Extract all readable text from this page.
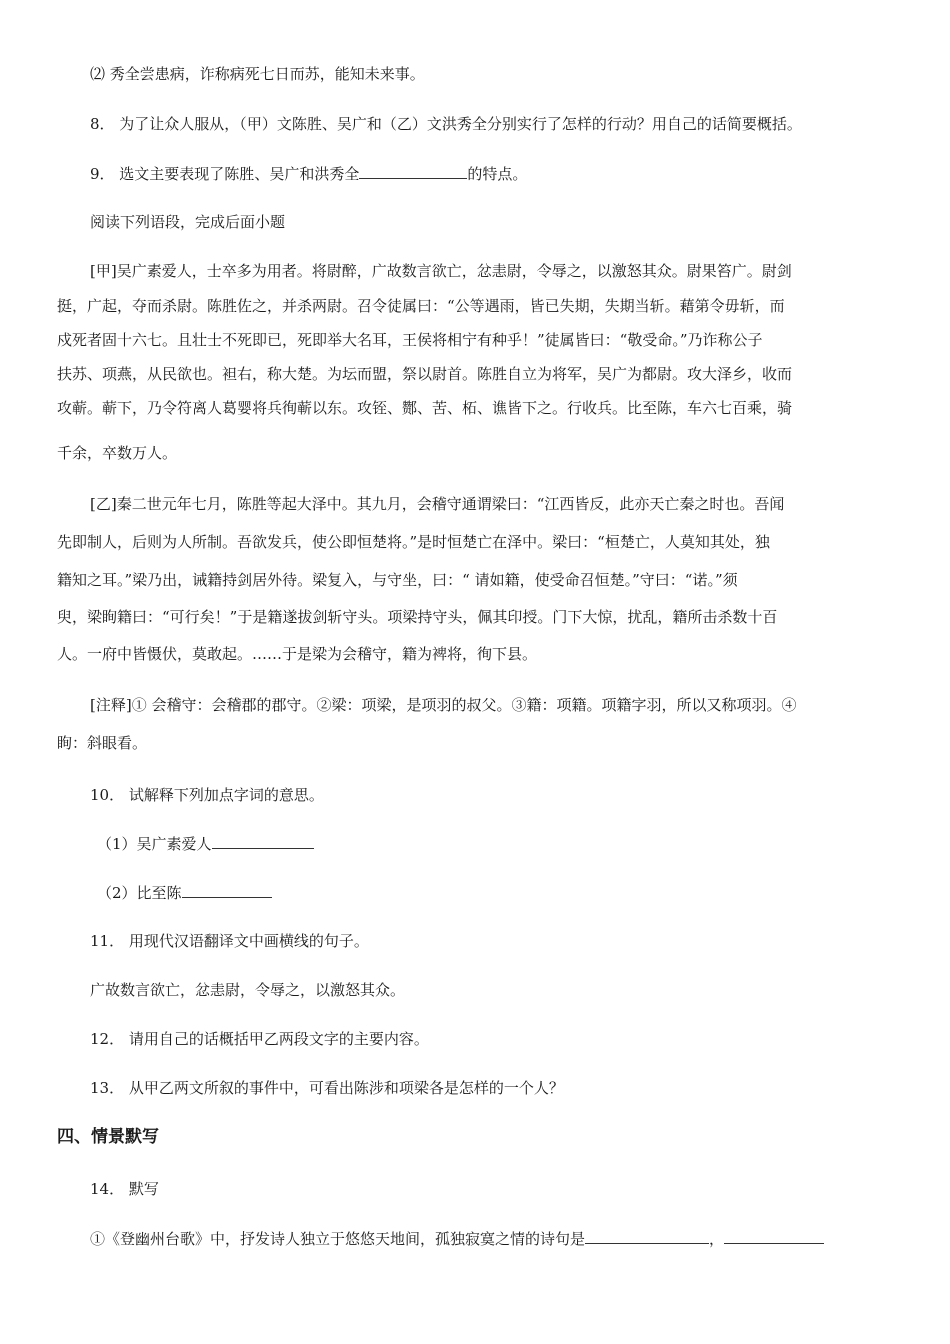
⑵ 秀全尝患病，诈称病死七日而苏，能知未来事。
8． 为了让众人服从，（甲）文陈胜、吴广和（乙）文洪秀全分别实行了怎样的行动？用自己的话简要概括。
9． 选文主要表现了陈胜、吴广和洪秀全	的特点。
阅读下列语段，完成后面小题
[甲]吴广素爱人，士卒多为用者。将尉醉，广故数言欲亡，忿恚尉，令辱之，以激怒其众。尉果笞广。尉剑
挺，广起，夺而杀尉。陈胜佐之，并杀两尉。召令徒属曰：“公等遇雨，皆已失期，失期当斩。藉第令毋斩，而
戍死者固十六七。且壮士不死即已，死即举大名耳，王侯将相宁有种乎！”徒属皆曰：“敬受命。”乃诈称公子
扶苏、项燕，从民欲也。袒右，称大楚。为坛而盟，祭以尉首。陈胜自立为将军，吴广为都尉。攻大泽乡，收而
攻蕲。蕲下，乃令符离人葛婴将兵徇蕲以东。攻铚、酂、苦、柘、谯皆下之。行收兵。比至陈，车六七百乘，骑
千余，卒数万人。
[乙]秦二世元年七月，陈胜等起大泽中。其九月，会稽守通谓梁曰：“江西皆反，此亦天亡秦之时也。吾闻
先即制人，后则为人所制。吾欲发兵，使公即恒楚将。”是时恒楚亡在泽中。梁曰：“桓楚亡，人莫知其处，独
籍知之耳。”梁乃出，诫籍持剑居外待。梁复入，与守坐，曰：“ 请如籍，使受命召恒楚。”守曰：“诺。”须
臾，梁眴籍曰：“可行矣！”于是籍遂拔剑斩守头。项梁持守头，佩其印授。门下大惊，扰乱，籍所击杀数十百
人。一府中皆慑伏，莫敢起。……于是梁为会稽守，籍为裨将，徇下县。
[注释]① 会稽守：会稽郡的郡守。②梁：项梁，是项羽的叔父。③籍：项籍。项籍字羽，所以又称项羽。④
眴：斜眼看。
10． 试解释下列加点字词的意思。
（1）吴广素爱人
（2）比至陈
11． 用现代汉语翻译文中画横线的句子。
广故数言欲亡，忿恚尉，令辱之，以激怒其众。
12． 请用自己的话概括甲乙两段文字的主要内容。
13． 从甲乙两文所叙的事件中，可看出陈涉和项梁各是怎样的一个人？
四、情景默写
14． 默写
①《登幽州台歌》中，抒发诗人独立于悠悠天地间，孤独寂寞之情的诗句是	，
